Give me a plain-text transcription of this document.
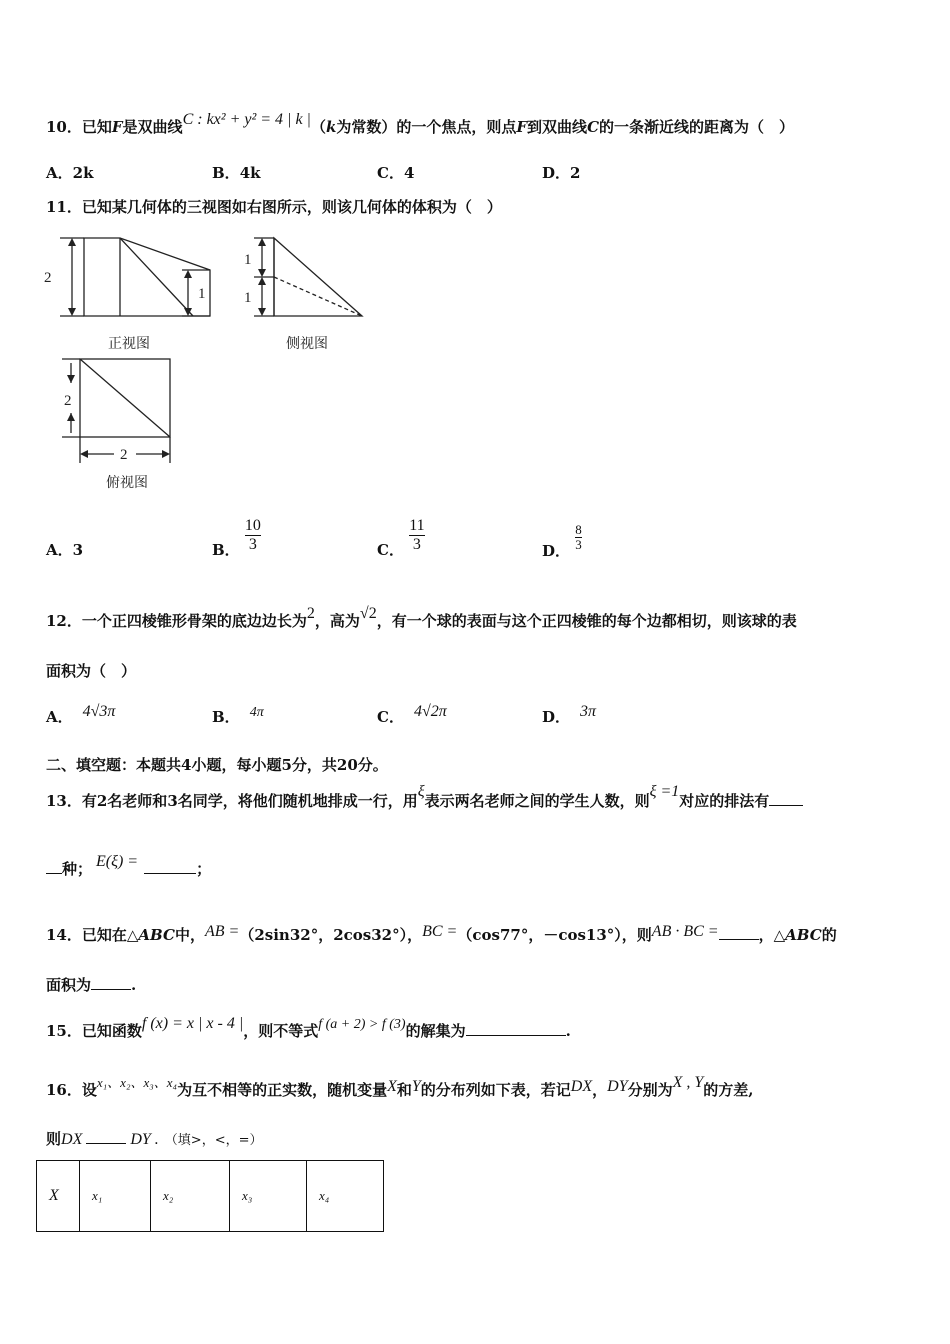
10．已知F是双曲线C : kx² + y² = 4 | k |（k为常数）的一个焦点，则点F到双曲线C的一条渐近线的距离为（　）
A．2k	B．4k	C．4	D．2
11．已知某几何体的三视图如右图所示，则该几何体的体积为（　）
2
1
1
1
2
2
正视图	侧视图
俯视图
A．3	B． $\frac{10}{3}$	C． $\frac{11}{3}$	D． $\frac{8}{3}$
12．一个正四棱锥形骨架的底边边长为2，高为√2，有一个球的表面与这个正四棱锥的每个边都相切，则该球的表
面积为（　）
A． 4√3π	B． 4π	C． 4√2π	D． 3π
二、填空题：本题共4小题，每小题5分，共20分。
13．有2名老师和3名同学，将他们随机地排成一行，用ξ表示两名老师之间的学生人数，则ξ =1对应的排法有
种； E(ξ) =	；
14．已知在△ABC中，AB =（2sin32°，2cos32°），BC =（cos77°，－cos13°），则AB · BC =	，△ABC的
面积为	.
15．已知函数f (x) = x | x - 4 |，则不等式f (a + 2) > f (3)的解集为	.
16．设x₁、x₂、x₃、x₄为互不相等的正实数，随机变量X和Y的分布列如下表，若记DX，DY分别为X , Y的方差,
则DX	DY . （填>，<，=）
X	x₁	x₂	x₃	x₄
